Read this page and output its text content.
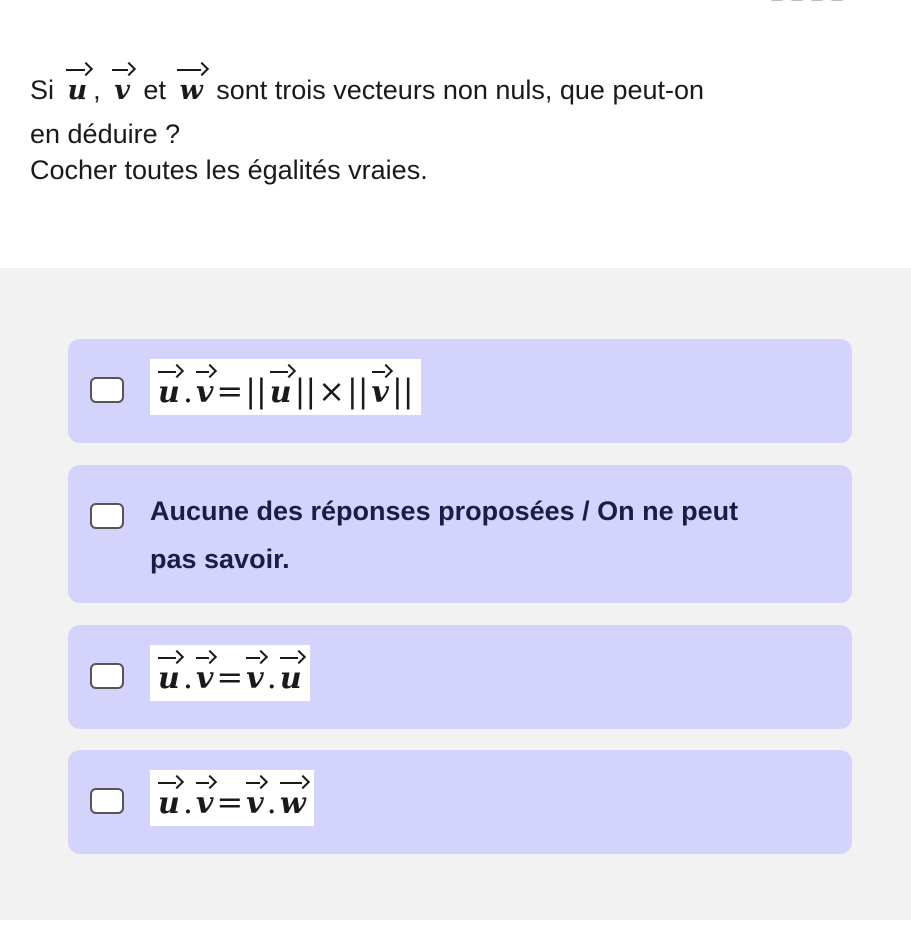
Si u , v et w sont trois vecteurs non nuls, que peut-on
en déduire ?
Cocher toutes les égalités vraies.
u. v=|| u||×|| v||
Aucune des réponses proposées / On ne peut pas savoir.
u. v= v. u
u. v= v. w
